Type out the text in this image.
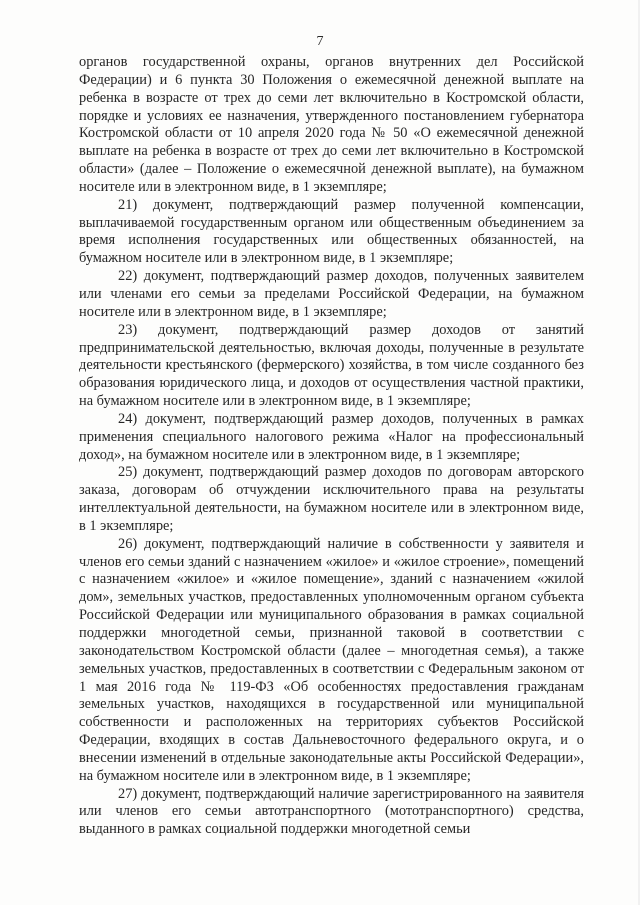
7

органов государственной охраны, органов внутренних дел Российской Федерации) и 6 пункта 30 Положения о ежемесячной денежной выплате на ребенка в возрасте от трех до семи лет включительно в Костромской области, порядке и условиях ее назначения, утвержденного постановлением губернатора Костромской области от 10 апреля 2020 года № 50 «О ежемесячной денежной выплате на ребенка в возрасте от трех до семи лет включительно в Костромской области» (далее – Положение о ежемесячной денежной выплате), на бумажном носителе или в электронном виде, в 1 экземпляре;

21) документ, подтверждающий размер полученной компенсации, выплачиваемой государственным органом или общественным объединением за время исполнения государственных или общественных обязанностей, на бумажном носителе или в электронном виде, в 1 экземпляре;

22) документ, подтверждающий размер доходов, полученных заявителем или членами его семьи за пределами Российской Федерации, на бумажном носителе или в электронном виде, в 1 экземпляре;

23) документ, подтверждающий размер доходов от занятий предпринимательской деятельностью, включая доходы, полученные в результате деятельности крестьянского (фермерского) хозяйства, в том числе созданного без образования юридического лица, и доходов от осуществления частной практики, на бумажном носителе или в электронном виде, в 1 экземпляре;

24) документ, подтверждающий размер доходов, полученных в рамках применения специального налогового режима «Налог на профессиональный доход», на бумажном носителе или в электронном виде, в 1 экземпляре;

25) документ, подтверждающий размер доходов по договорам авторского заказа, договорам об отчуждении исключительного права на результаты интеллектуальной деятельности, на бумажном носителе или в электронном виде, в 1 экземпляре;

26) документ, подтверждающий наличие в собственности у заявителя и членов его семьи зданий с назначением «жилое» и «жилое строение», помещений с назначением «жилое» и «жилое помещение», зданий с назначением «жилой дом», земельных участков, предоставленных уполномоченным органом субъекта Российской Федерации или муниципального образования в рамках социальной поддержки многодетной семьи, признанной таковой в соответствии с законодательством Костромской области (далее – многодетная семья), а также земельных участков, предоставленных в соответствии с Федеральным законом от 1 мая 2016 года № 119-ФЗ «Об особенностях предоставления гражданам земельных участков, находящихся в государственной или муниципальной собственности и расположенных на территориях субъектов Российской Федерации, входящих в состав Дальневосточного федерального округа, и о внесении изменений в отдельные законодательные акты Российской Федерации», на бумажном носителе или в электронном виде, в 1 экземпляре;

27) документ, подтверждающий наличие зарегистрированного на заявителя или членов его семьи автотранспортного (мототранспортного) средства, выданного в рамках социальной поддержки многодетной семьи
